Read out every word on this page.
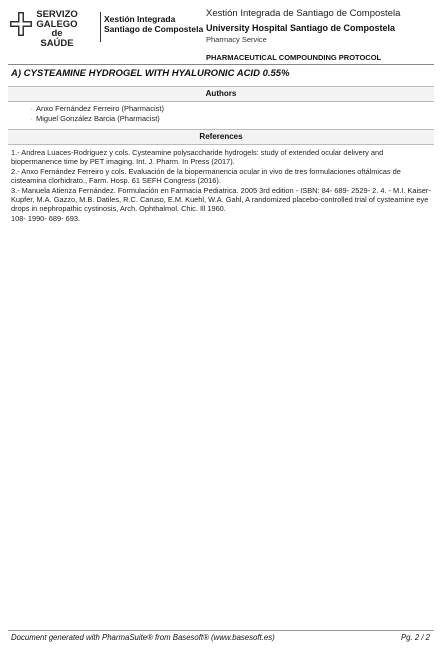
SERVIZO
GALEGO
de SAÚDE
Xestión Integrada
Santiago de Compostela
Xestión Integrada de Santiago de Compostela
University Hospital Santiago de Compostela
Pharmacy Service
PHARMACEUTICAL COMPOUNDING PROTOCOL
A) CYSTEAMINE HYDROGEL WITH HYALURONIC ACID 0.55%
Authors
· Anxo Fernández Ferreiro (Pharmacist)
· Miguel González Barcia (Pharmacist)
References

1.- Andrea Luaces-Rodriguez y cols. Cysteamine polysaccharide hydrogels: study of extended ocular delivery and biopermanence time by PET imaging. Int. J. Pharm. In Press (2017).

2.- Anxo Fernández Ferreiro y cols. Evaluación de la biopermanencia ocular in vivo de tres formulaciones oftálmicas de cisteamina clorhidrato., Farm. Hosp. 61 SEFH Congress (2016).

3.- Manuela Atienza Fernández. Formulación en Farmacia Pediatrica. 2005 3rd edition - ISBN: 84- 689- 2529- 2. 4. - M.I. Kaiser-Kupfer, M.A. Gazzo, M.B. Datiles, R.C. Caruso, E.M. Kuehl, W.A. Gahl, A randomized placebo-controlled trial of cysteamine eye drops in nephropathic cystinosis, Arch. Ophthalmol. Chic. Ill 1960.

108- 1990- 689- 693.

Document generated with PharmaSuite® from Basesoft® (www.basesoft.es)	Pg. 2 / 2
